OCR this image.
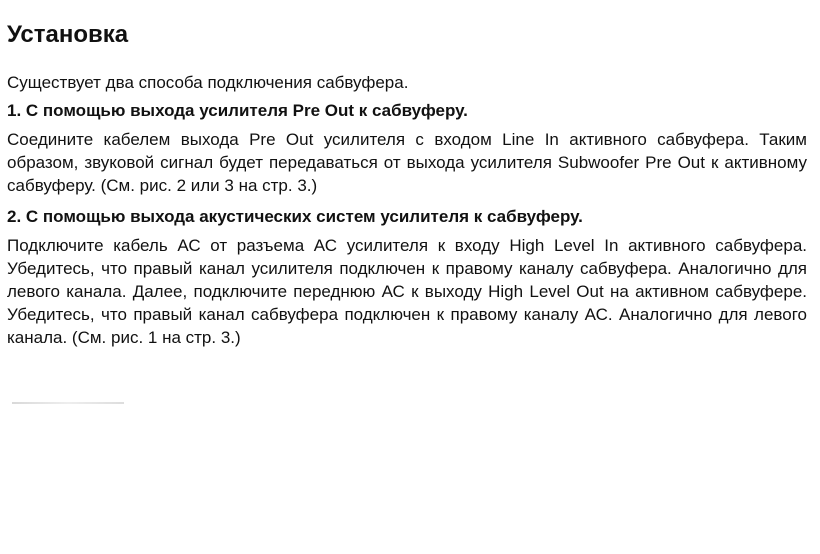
Установка

Существует два способа подключения сабвуфера.

1. С помощью выхода усилителя Pre Out к сабвуферу.

Соедините кабелем выхода Pre Out усилителя с входом Line In активного сабвуфера. Таким образом, звуковой сигнал будет передаваться от выхода усилителя Subwoofer Pre Out к активному сабвуферу. (См. рис. 2 или 3 на стр. 3.)

2. С помощью выхода акустических систем усилителя к сабвуферу.

Подключите кабель АС от разъема АС усилителя к входу High Level In активного сабвуфера. Убедитесь, что правый канал усилителя подключен к правому каналу сабвуфера. Аналогично для левого канала. Далее, подключите переднюю АС к выходу High Level Out на активном сабвуфере. Убедитесь, что правый канал сабвуфера подключен к правому каналу АС. Аналогично для левого канала. (См. рис. 1 на стр. 3.)
